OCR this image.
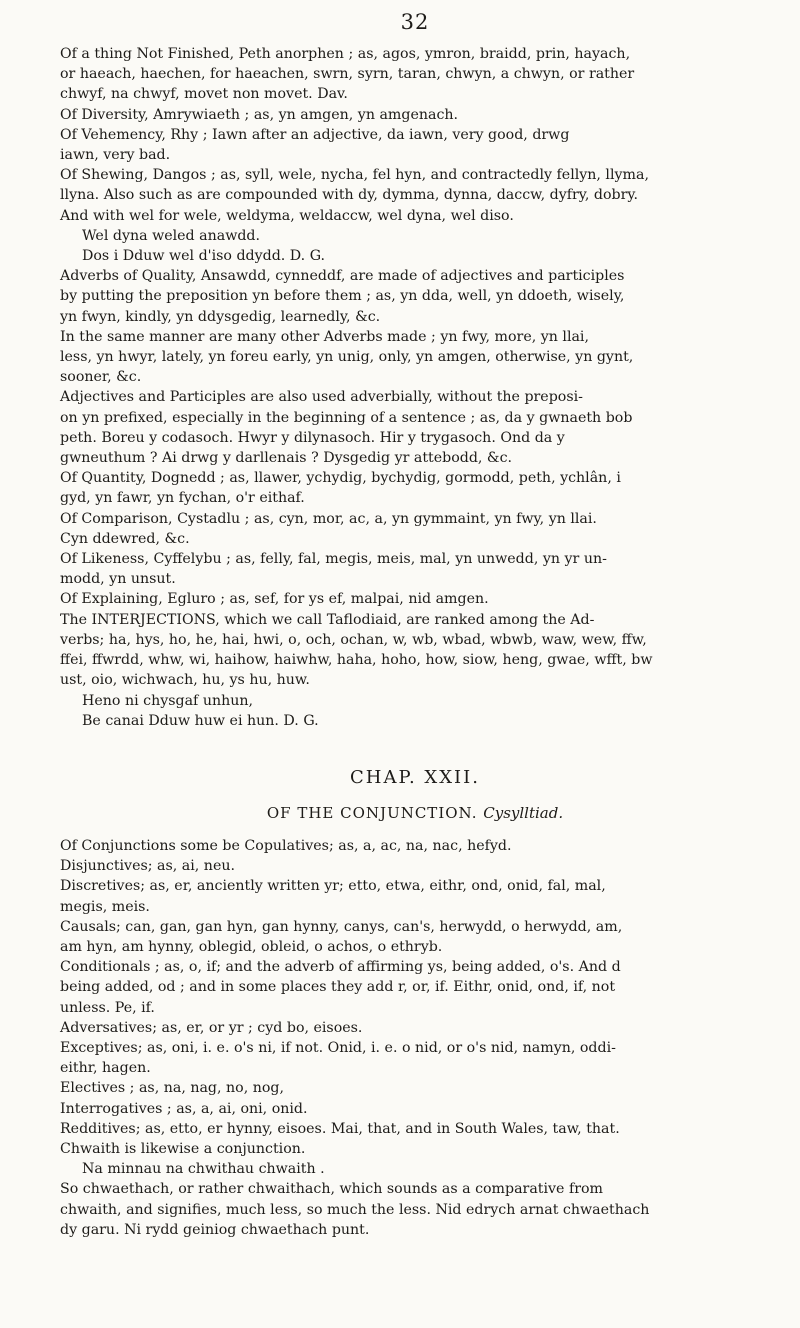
32

Of a thing Not Finished, Peth anorphen ; as, agos, ymron, braidd, prin, hayach,

or haeach, haechen, for haeachen, swrn, syrn, taran, chwyn, a chwyn, or rather

chwyf, na chwyf, movet non movet. Dav.

Of Diversity, Amrywiaeth ; as, yn amgen, yn amgenach.

Of Vehemency, Rhy ; Iawn after an adjective, da iawn, very good, drwg

iawn, very bad.

Of Shewing, Dangos ; as, syll, wele, nycha, fel hyn, and contractedly fellyn, llyma,

llyna. Also such as are compounded with dy, dymma, dynna, daccw, dyfry, dobry.

And with wel for wele, weldyma, weldaccw, wel dyna, wel diso.

Wel dyna weled anawdd.

Dos i Dduw wel d'iso ddydd. D. G.

Adverbs of Quality, Ansawdd, cynneddf, are made of adjectives and participles

by putting the preposition yn before them ; as, yn dda, well, yn ddoeth, wisely,

yn fwyn, kindly, yn ddysgedig, learnedly, &c.

In the same manner are many other Adverbs made ; yn fwy, more, yn llai,

less, yn hwyr, lately, yn foreu early, yn unig, only, yn amgen, otherwise, yn gynt,

sooner, &c.

Adjectives and Participles are also used adverbially, without the preposi-

on yn prefixed, especially in the beginning of a sentence ; as, da y gwnaeth bob

peth. Boreu y codasoch. Hwyr y dilynasoch. Hir y trygasoch. Ond da y

gwneuthum ? Ai drwg y darllenais ? Dysgedig yr attebodd, &c.

Of Quantity, Dognedd ; as, llawer, ychydig, bychydig, gormodd, peth, ychlân, i

gyd, yn fawr, yn fychan, o'r eithaf.

Of Comparison, Cystadlu ; as, cyn, mor, ac, a, yn gymmaint, yn fwy, yn llai.

Cyn ddewred, &c.

Of Likeness, Cyffelybu ; as, felly, fal, megis, meis, mal, yn unwedd, yn yr un-

modd, yn unsut.

Of Explaining, Egluro ; as, sef, for ys ef, malpai, nid amgen.

The INTERJECTIONS, which we call Taflodiaid, are ranked among the Ad-

verbs; ha, hys, ho, he, hai, hwi, o, och, ochan, w, wb, wbad, wbwb, waw, wew, ffw,

ffei, ffwrdd, whw, wi, haihow, haiwhw, haha, hoho, how, siow, heng, gwae, wfft, bw

ust, oio, wichwach, hu, ys hu, huw.

Heno ni chysgaf unhun,

Be canai Dduw huw ei hun. D. G.

CHAP. XXII.
OF THE CONJUNCTION. Cysylltiad.

Of Conjunctions some be Copulatives; as, a, ac, na, nac, hefyd.

Disjunctives; as, ai, neu.

Discretives; as, er, anciently written yr; etto, etwa, eithr, ond, onid, fal, mal,

megis, meis.

Causals; can, gan, gan hyn, gan hynny, canys, can's, herwydd, o herwydd, am,

am hyn, am hynny, oblegid, obleid, o achos, o ethryb.

Conditionals ; as, o, if; and the adverb of affirming ys, being added, o's. And d

being added, od ; and in some places they add r, or, if. Eithr, onid, ond, if, not

unless. Pe, if.

Adversatives; as, er, or yr ; cyd bo, eisoes.

Exceptives; as, oni, i. e. o's ni, if not. Onid, i. e. o nid, or o's nid, namyn, oddi-

eithr, hagen.

Electives ; as, na, nag, no, nog,

Interrogatives ; as, a, ai, oni, onid.

Redditives; as, etto, er hynny, eisoes. Mai, that, and in South Wales, taw, that.

Chwaith is likewise a conjunction.

Na minnau na chwithau chwaith .

So chwaethach, or rather chwaithach, which sounds as a comparative from

chwaith, and signifies, much less, so much the less. Nid edrych arnat chwaethach

dy garu. Ni rydd geiniog chwaethach punt.
